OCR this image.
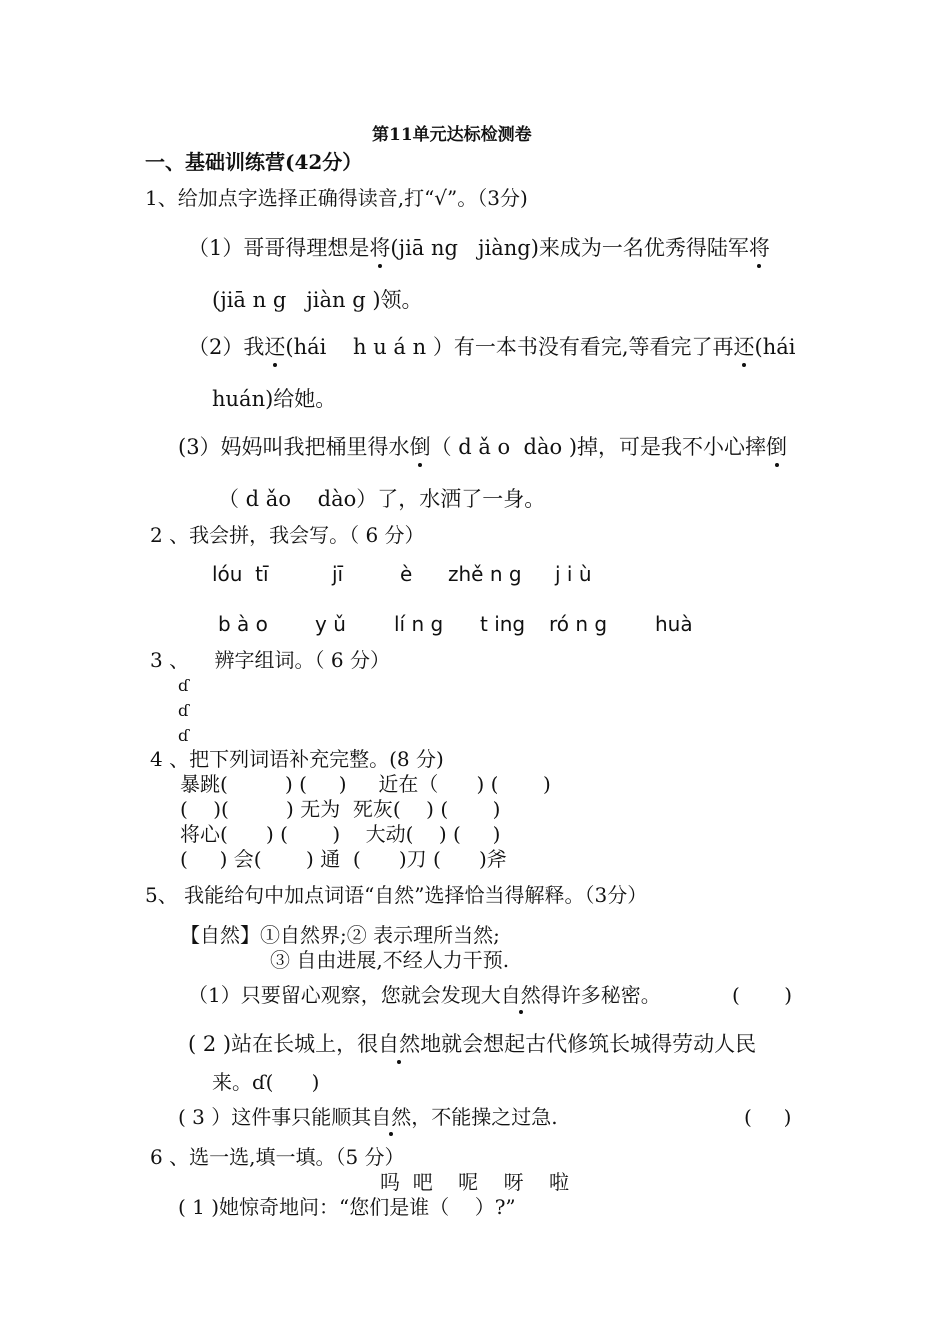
第11单元达标检测卷
一、基础训练营(42分）
1、给加点字选择正确得读音,打“√”。（3分)
（1）哥哥得理想是将(jiā ng   jiàng)来成为一名优秀得陆军将
(jiā n g   jiàn g )领。
（2）我还(hái    h u á n ）有一本书没有看完,等看完了再还(hái
huán)给她。
(3）妈妈叫我把桶里得水倒（ d ǎ o  dào )掉，可是我不小心摔倒
（ d ǎo    dào）了，水洒了一身。
2 、我会拼，我会写。（ 6 分）
lóu  tī	jī	è zhě n g j i ù
b à o y ǔ lí n g t ing ró n g huà
3 、    辨字组词。（ 6 分）
ɗ
ɗ
ɗ
4 、把下列词语补充完整。(8 分)
暴跳(         ) (     )     近在（      ) (       )
(    )(         ) 无为  死灰(    ) (       )
将心(      ) (       )    大动(    ) (     )
(     ) 会(       ) 通  (      )刀 (      )斧
5、 我能给句中加点词语“自然”选择恰当得解释。（3分）
【自然】①自然界;② 表示理所当然;
③ 自由进展,不经人力干预.
（1）只要留心观察，您就会发现大自然得许多秘密。	(       )
( 2 )站在长城上，很自然地就会想起古代修筑长城得劳动人民
来。ɗ(      )
( 3 ）这件事只能顺其自然，不能操之过急.	(     )
6 、选一选,填一填。（5 分）
吗  吧    呢    呀    啦
( 1 )她惊奇地问：“您们是谁（    ）?”
